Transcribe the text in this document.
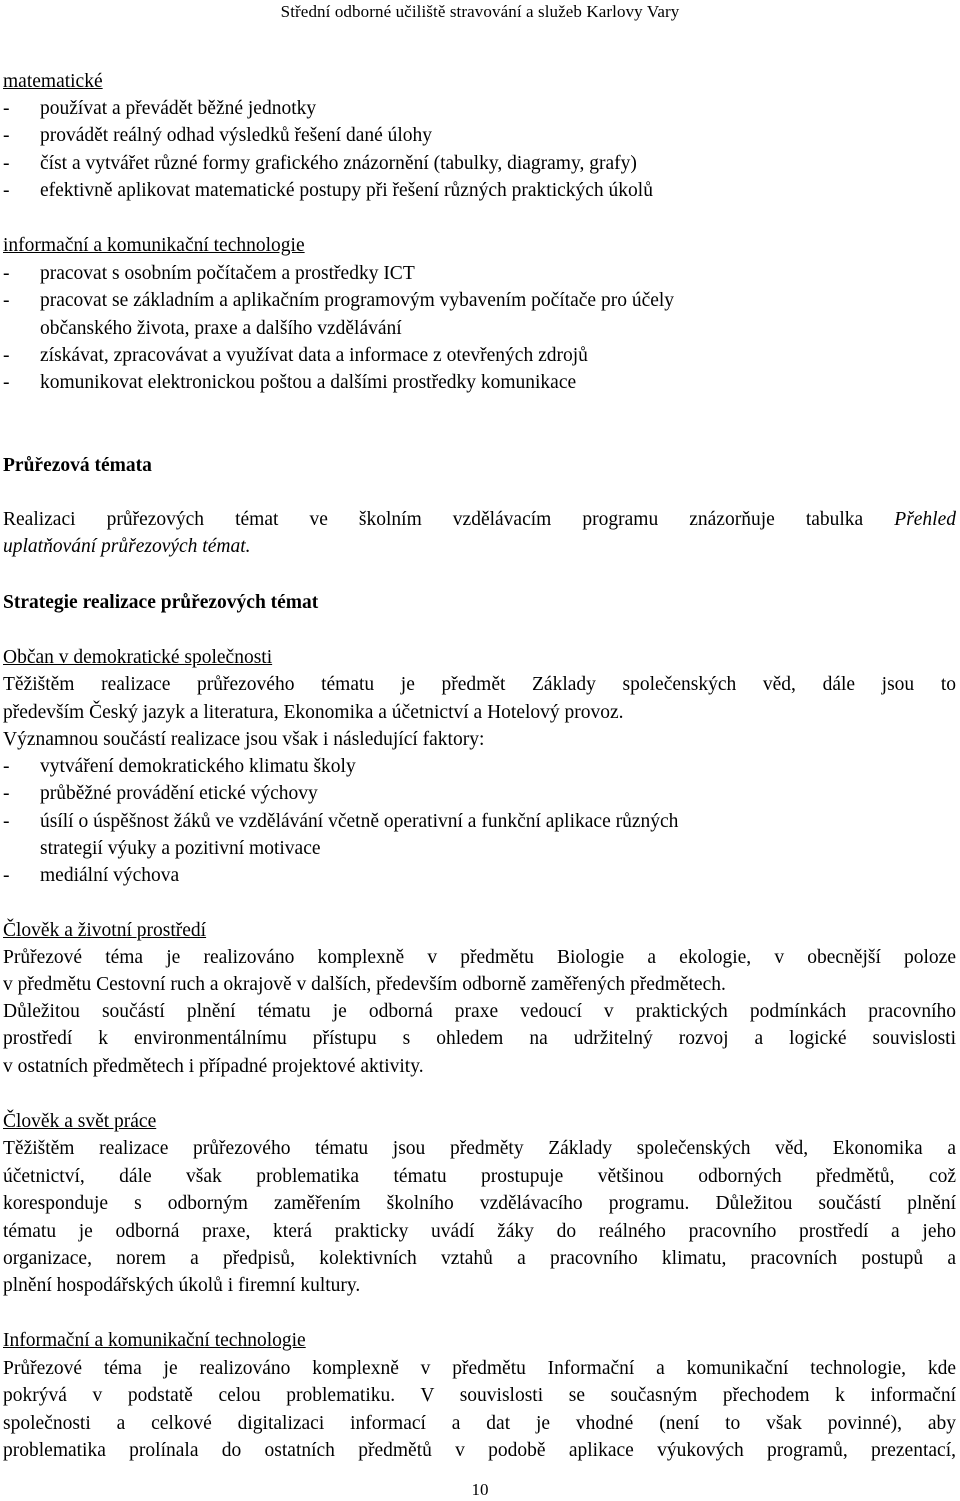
Střední odborné učiliště stravování a služeb Karlovy Vary
matematické
- používat a převádět běžné jednotky
- provádět reálný odhad výsledků řešení dané úlohy
- číst a vytvářet různé formy grafického znázornění (tabulky, diagramy, grafy)
- efektivně aplikovat matematické postupy při řešení různých praktických úkolů
informační a komunikační technologie
- pracovat s osobním počítačem a prostředky ICT
- pracovat se základním a aplikačním programovým vybavením počítače pro účely
občanského života, praxe a dalšího vzdělávání
- získávat, zpracovávat a využívat data a informace z otevřených zdrojů
- komunikovat elektronickou poštou a dalšími prostředky komunikace
Průřezová témata
Realizaci průřezových témat ve školním vzdělávacím programu znázorňuje tabulka Přehled
uplatňování průřezových témat.
Strategie realizace průřezových témat
Občan v demokratické společnosti
Těžištěm realizace průřezového tématu je předmět Základy společenských věd, dále jsou to
především Český jazyk a literatura, Ekonomika a účetnictví a Hotelový provoz.
Významnou součástí realizace jsou však i následující faktory:
- vytváření demokratického klimatu školy
- průběžné provádění etické výchovy
- úsílí o úspěšnost žáků ve vzdělávání včetně operativní a funkční aplikace různých
strategií výuky a pozitivní motivace
- mediální výchova
Člověk a životní prostředí
Průřezové téma je realizováno komplexně v předmětu Biologie a ekologie, v obecnější poloze
v předmětu Cestovní ruch a okrajově v dalších, především odborně zaměřených předmětech.
Důležitou součástí plnění tématu je odborná praxe vedoucí v praktických podmínkách pracovního
prostředí k environmentálnímu přístupu s ohledem na udržitelný rozvoj a logické souvislosti
v ostatních předmětech i případné projektové aktivity.
Člověk a svět práce
Těžištěm realizace průřezového tématu jsou předměty Základy společenských věd, Ekonomika a
účetnictví, dále však problematika tématu prostupuje většinou odborných předmětů, což
koresponduje s odborným zaměřením školního vzdělávacího programu. Důležitou součástí plnění
tématu je odborná praxe, která prakticky uvádí žáky do reálného pracovního prostředí a jeho
organizace, norem a předpisů, kolektivních vztahů a pracovního klimatu, pracovních postupů a
plnění hospodářských úkolů i firemní kultury.
Informační a komunikační technologie
Průřezové téma je realizováno komplexně v předmětu Informační a komunikační technologie, kde
pokrývá v podstatě celou problematiku. V souvislosti se současným přechodem k informační
společnosti a celkové digitalizaci informací a dat je vhodné (není to však povinné), aby
problematika prolínala do ostatních předmětů v podobě aplikace výukových programů, prezentací,
10
